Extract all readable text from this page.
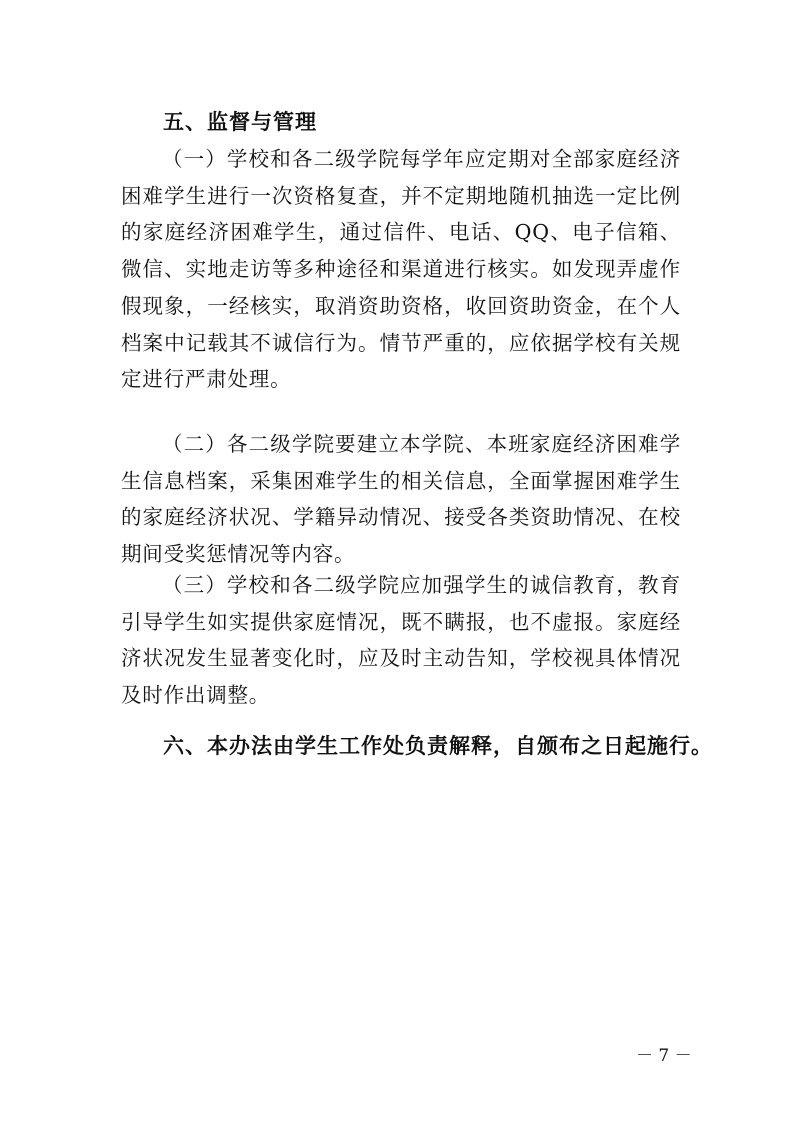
五、监督与管理
（一）学校和各二级学院每学年应定期对全部家庭经济困难学生进行一次资格复查，并不定期地随机抽选一定比例的家庭经济困难学生，通过信件、电话、QQ、电子信箱、微信、实地走访等多种途径和渠道进行核实。如发现弄虚作假现象，一经核实，取消资助资格，收回资助资金，在个人档案中记载其不诚信行为。情节严重的，应依据学校有关规定进行严肃处理。
（二）各二级学院要建立本学院、本班家庭经济困难学生信息档案，采集困难学生的相关信息，全面掌握困难学生的家庭经济状况、学籍异动情况、接受各类资助情况、在校期间受奖惩情况等内容。
（三）学校和各二级学院应加强学生的诚信教育，教育引导学生如实提供家庭情况，既不瞒报，也不虚报。家庭经济状况发生显著变化时，应及时主动告知，学校视具体情况及时作出调整。
六、本办法由学生工作处负责解释，自颁布之日起施行。
－ 7 －
